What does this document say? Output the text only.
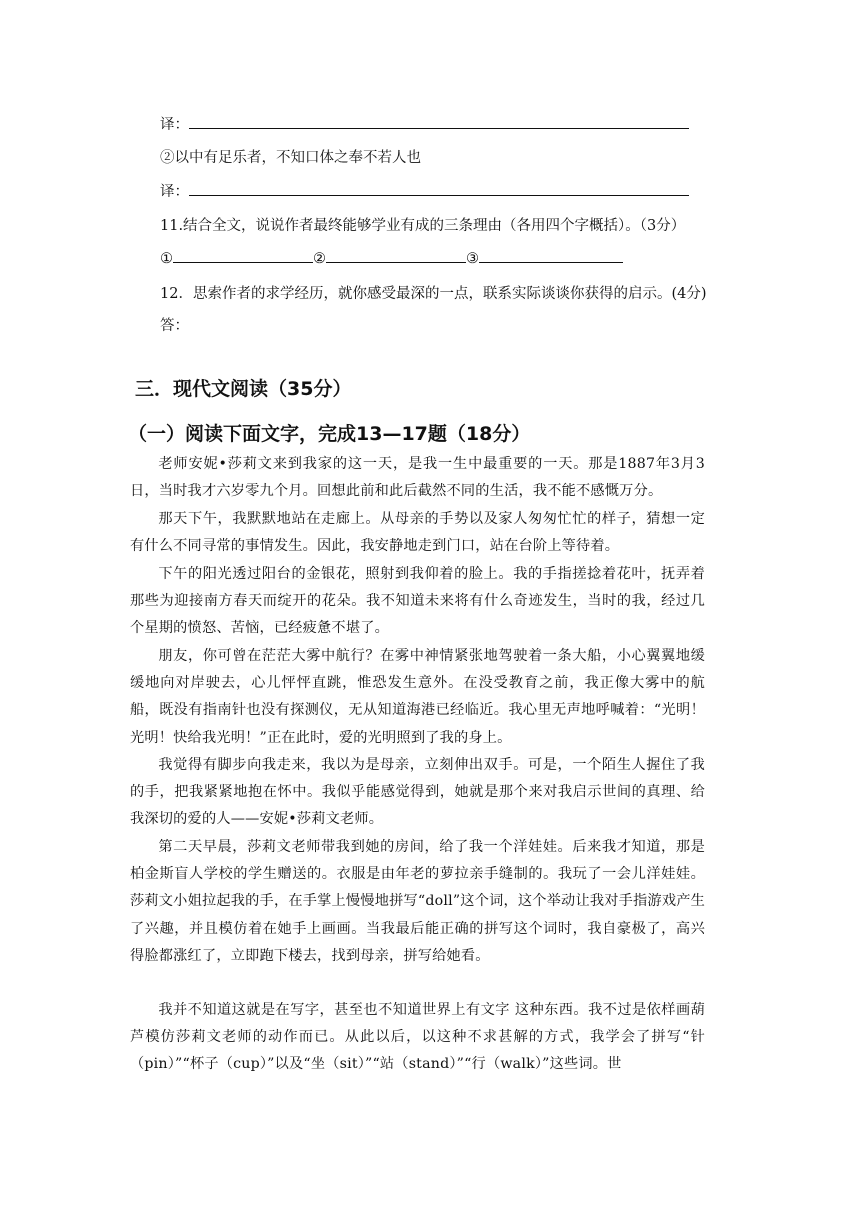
译：
②以中有足乐者，不知口体之奉不若人也
译：
11.结合全文，说说作者最终能够学业有成的三条理由（各用四个字概括）。（3分）
①	②	③
12．思索作者的求学经历，就你感受最深的一点，联系实际谈谈你获得的启示。(4分)
答：
三．现代文阅读（35分）
（一）阅读下面文字，完成13—17题（18分）
老师安妮•莎莉文来到我家的这一天，是我一生中最重要的一天。那是1887年3月3日，当时我才六岁零九个月。回想此前和此后截然不同的生活，我不能不感慨万分。
那天下午，我默默地站在走廊上。从母亲的手势以及家人匆匆忙忙的样子，猜想一定有什么不同寻常的事情发生。因此，我安静地走到门口，站在台阶上等待着。
下午的阳光透过阳台的金银花，照射到我仰着的脸上。我的手指搓捻着花叶，抚弄着那些为迎接南方春天而绽开的花朵。我不知道未来将有什么奇迹发生，当时的我，经过几个星期的愤怒、苦恼，已经疲惫不堪了。
朋友，你可曾在茫茫大雾中航行？在雾中神情紧张地驾驶着一条大船，小心翼翼地缓缓地向对岸驶去，心儿怦怦直跳，惟恐发生意外。在没受教育之前，我正像大雾中的航船，既没有指南针也没有探测仪，无从知道海港已经临近。我心里无声地呼喊着：“光明！光明！快给我光明！”正在此时，爱的光明照到了我的身上。
我觉得有脚步向我走来，我以为是母亲，立刻伸出双手。可是，一个陌生人握住了我的手，把我紧紧地抱在怀中。我似乎能感觉得到，她就是那个来对我启示世间的真理、给我深切的爱的人——安妮•莎莉文老师。
第二天早晨，莎莉文老师带我到她的房间，给了我一个洋娃娃。后来我才知道，那是柏金斯盲人学校的学生赠送的。衣服是由年老的萝拉亲手缝制的。我玩了一会儿洋娃娃。莎莉文小姐拉起我的手，在手掌上慢慢地拼写“doll”这个词，这个举动让我对手指游戏产生了兴趣，并且模仿着在她手上画画。当我最后能正确的拼写这个词时，我自豪极了，高兴得脸都涨红了，立即跑下楼去，找到母亲，拼写给她看。
我并不知道这就是在写字，甚至也不知道世界上有文字 这种东西。我不过是依样画葫芦模仿莎莉文老师的动作而已。从此以后，以这种不求甚解的方式，我学会了拼写“针（pin）”“杯子（cup）”以及“坐（sit）”“站（stand）”“行（walk）”这些词。世
